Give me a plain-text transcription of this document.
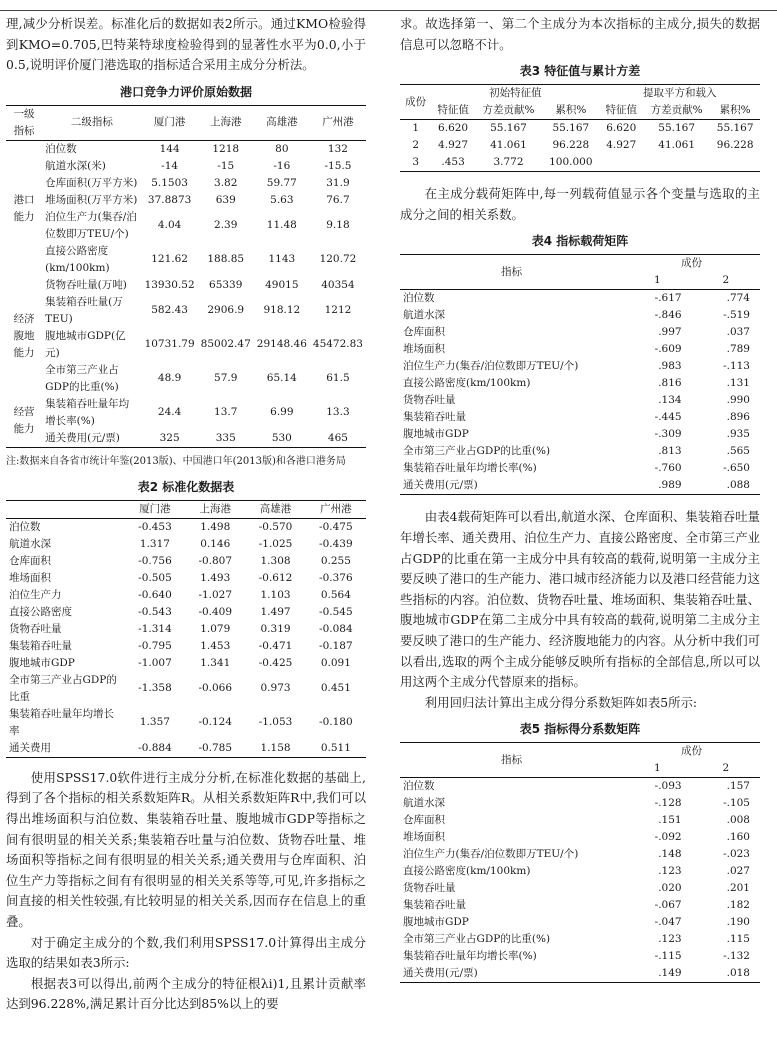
理,减少分析误差。标准化后的数据如表2所示。通过KMO检验得到KMO=0.705,巴特莱特球度检验得到的显著性水平为0.0,小于0.5,说明评价厦门港选取的指标适合采用主成分分析法。

港口竞争力评价原始数据
一级指标	二级指标	厦门港	上海港	高雄港	广州港
港口能力	泊位数	144	1218	80	132
	航道水深(米)	-14	-15	-16	-15.5
	仓库面积(万平方米)	5.1503	3.82	59.77	31.9
	堆场面积(万平方米)	37.8873	639	5.63	76.7
	泊位生产力(集吞/泊位数即万TEU/个)	4.04	2.39	11.48	9.18
	直接公路密度(km/100km)	121.62	188.85	1143	120.72
经济腹地能力	货物吞吐量(万吨)	13930.52	65339	49015	40354
	集装箱吞吐量(万TEU)	582.43	2906.9	918.12	1212
	腹地城市GDP(亿元)	10731.79	85002.47	29148.46	45472.83
	全市第三产业占GDP的比重(%)	48.9	57.9	65.14	61.5
经营能力	集装箱吞吐量年均增长率(%)	24.4	13.7	6.99	13.3
	通关费用(元/票)	325	335	530	465
注:数据来自各省市统计年鉴(2013版)、中国港口年(2013版)和各港口港务局
表2 标准化数据表
	厦门港	上海港	高雄港	广州港
泊位数	-0.453	1.498	-0.570	-0.475
航道水深	1.317	0.146	-1.025	-0.439
仓库面积	-0.756	-0.807	1.308	0.255
堆场面积	-0.505	1.493	-0.612	-0.376
泊位生产力	-0.640	-1.027	1.103	0.564
直接公路密度	-0.543	-0.409	1.497	-0.545
货物吞吐量	-1.314	1.079	0.319	-0.084
集装箱吞吐量	-0.795	1.453	-0.471	-0.187
腹地城市GDP	-1.007	1.341	-0.425	0.091
全市第三产业占GDP的比重	-1.358	-0.066	0.973	0.451
集装箱吞吐量年均增长率	1.357	-0.124	-1.053	-0.180
通关费用	-0.884	-0.785	1.158	0.511

使用SPSS17.0软件进行主成分分析,在标准化数据的基础上,得到了各个指标的相关系数矩阵R。从相关系数矩阵R中,我们可以得出堆场面积与泊位数、集装箱吞吐量、腹地城市GDP等指标之间有很明显的相关关系;集装箱吞吐量与泊位数、货物吞吐量、堆场面积等指标之间有很明显的相关关系;通关费用与仓库面积、泊位生产力等指标之间有有很明显的相关关系等等,可见,许多指标之间直接的相关性较强,有比较明显的相关关系,因而存在信息上的重叠。

对于确定主成分的个数,我们利用SPSS17.0计算得出主成分选取的结果如表3所示:

根据表3可以得出,前两个主成分的特征根λi)1,且累计贡献率达到96.228%,满足累计百分比达到85%以上的要

求。故选择第一、第二个主成分为本次指标的主成分,损失的数据信息可以忽略不计。

表3 特征值与累计方差
成份	初始特征值			提取平方和载入		
	特征值	方差贡献%	累积%	特征值	方差贡献%	累积%
1	6.620	55.167	55.167	6.620	55.167	55.167
2	4.927	41.061	96.228	4.927	41.061	96.228
3	.453	3.772	100.000			

在主成分载荷矩阵中,每一列载荷值显示各个变量与选取的主成分之间的相关系数。

表4 指标载荷矩阵
指标	成份	
	1	2
泊位数	-.617	.774
航道水深	-.846	-.519
仓库面积	.997	.037
堆场面积	-.609	.789
泊位生产力(集吞/泊位数即万TEU/个)	.983	-.113
直接公路密度(km/100km)	.816	.131
货物吞吐量	.134	.990
集装箱吞吐量	-.445	.896
腹地城市GDP	-.309	.935
全市第三产业占GDP的比重(%)	.813	.565
集装箱吞吐量年均增长率(%)	-.760	-.650
通关费用(元/票)	.989	.088

由表4载荷矩阵可以看出,航道水深、仓库面积、集装箱吞吐量年增长率、通关费用、泊位生产力、直接公路密度、全市第三产业占GDP的比重在第一主成分中具有较高的载荷,说明第一主成分主要反映了港口的生产能力、港口城市经济能力以及港口经营能力这些指标的内容。泊位数、货物吞吐量、堆场面积、集装箱吞吐量、腹地城市GDP在第二主成分中具有较高的载荷,说明第二主成分主要反映了港口的生产能力、经济腹地能力的内容。从分析中我们可以看出,选取的两个主成分能够反映所有指标的全部信息,所以可以用这两个主成分代替原来的指标。

利用回归法计算出主成分得分系数矩阵如表5所示:

表5 指标得分系数矩阵
指标	成份	
	1	2
泊位数	-.093	.157
航道水深	-.128	-.105
仓库面积	.151	.008
堆场面积	-.092	.160
泊位生产力(集吞/泊位数即万TEU/个)	.148	-.023
直接公路密度(km/100km)	.123	.027
货物吞吐量	.020	.201
集装箱吞吐量	-.067	.182
腹地城市GDP	-.047	.190
全市第三产业占GDP的比重(%)	.123	.115
集装箱吞吐量年均增长率(%)	-.115	-.132
通关费用(元/票)	.149	.018
